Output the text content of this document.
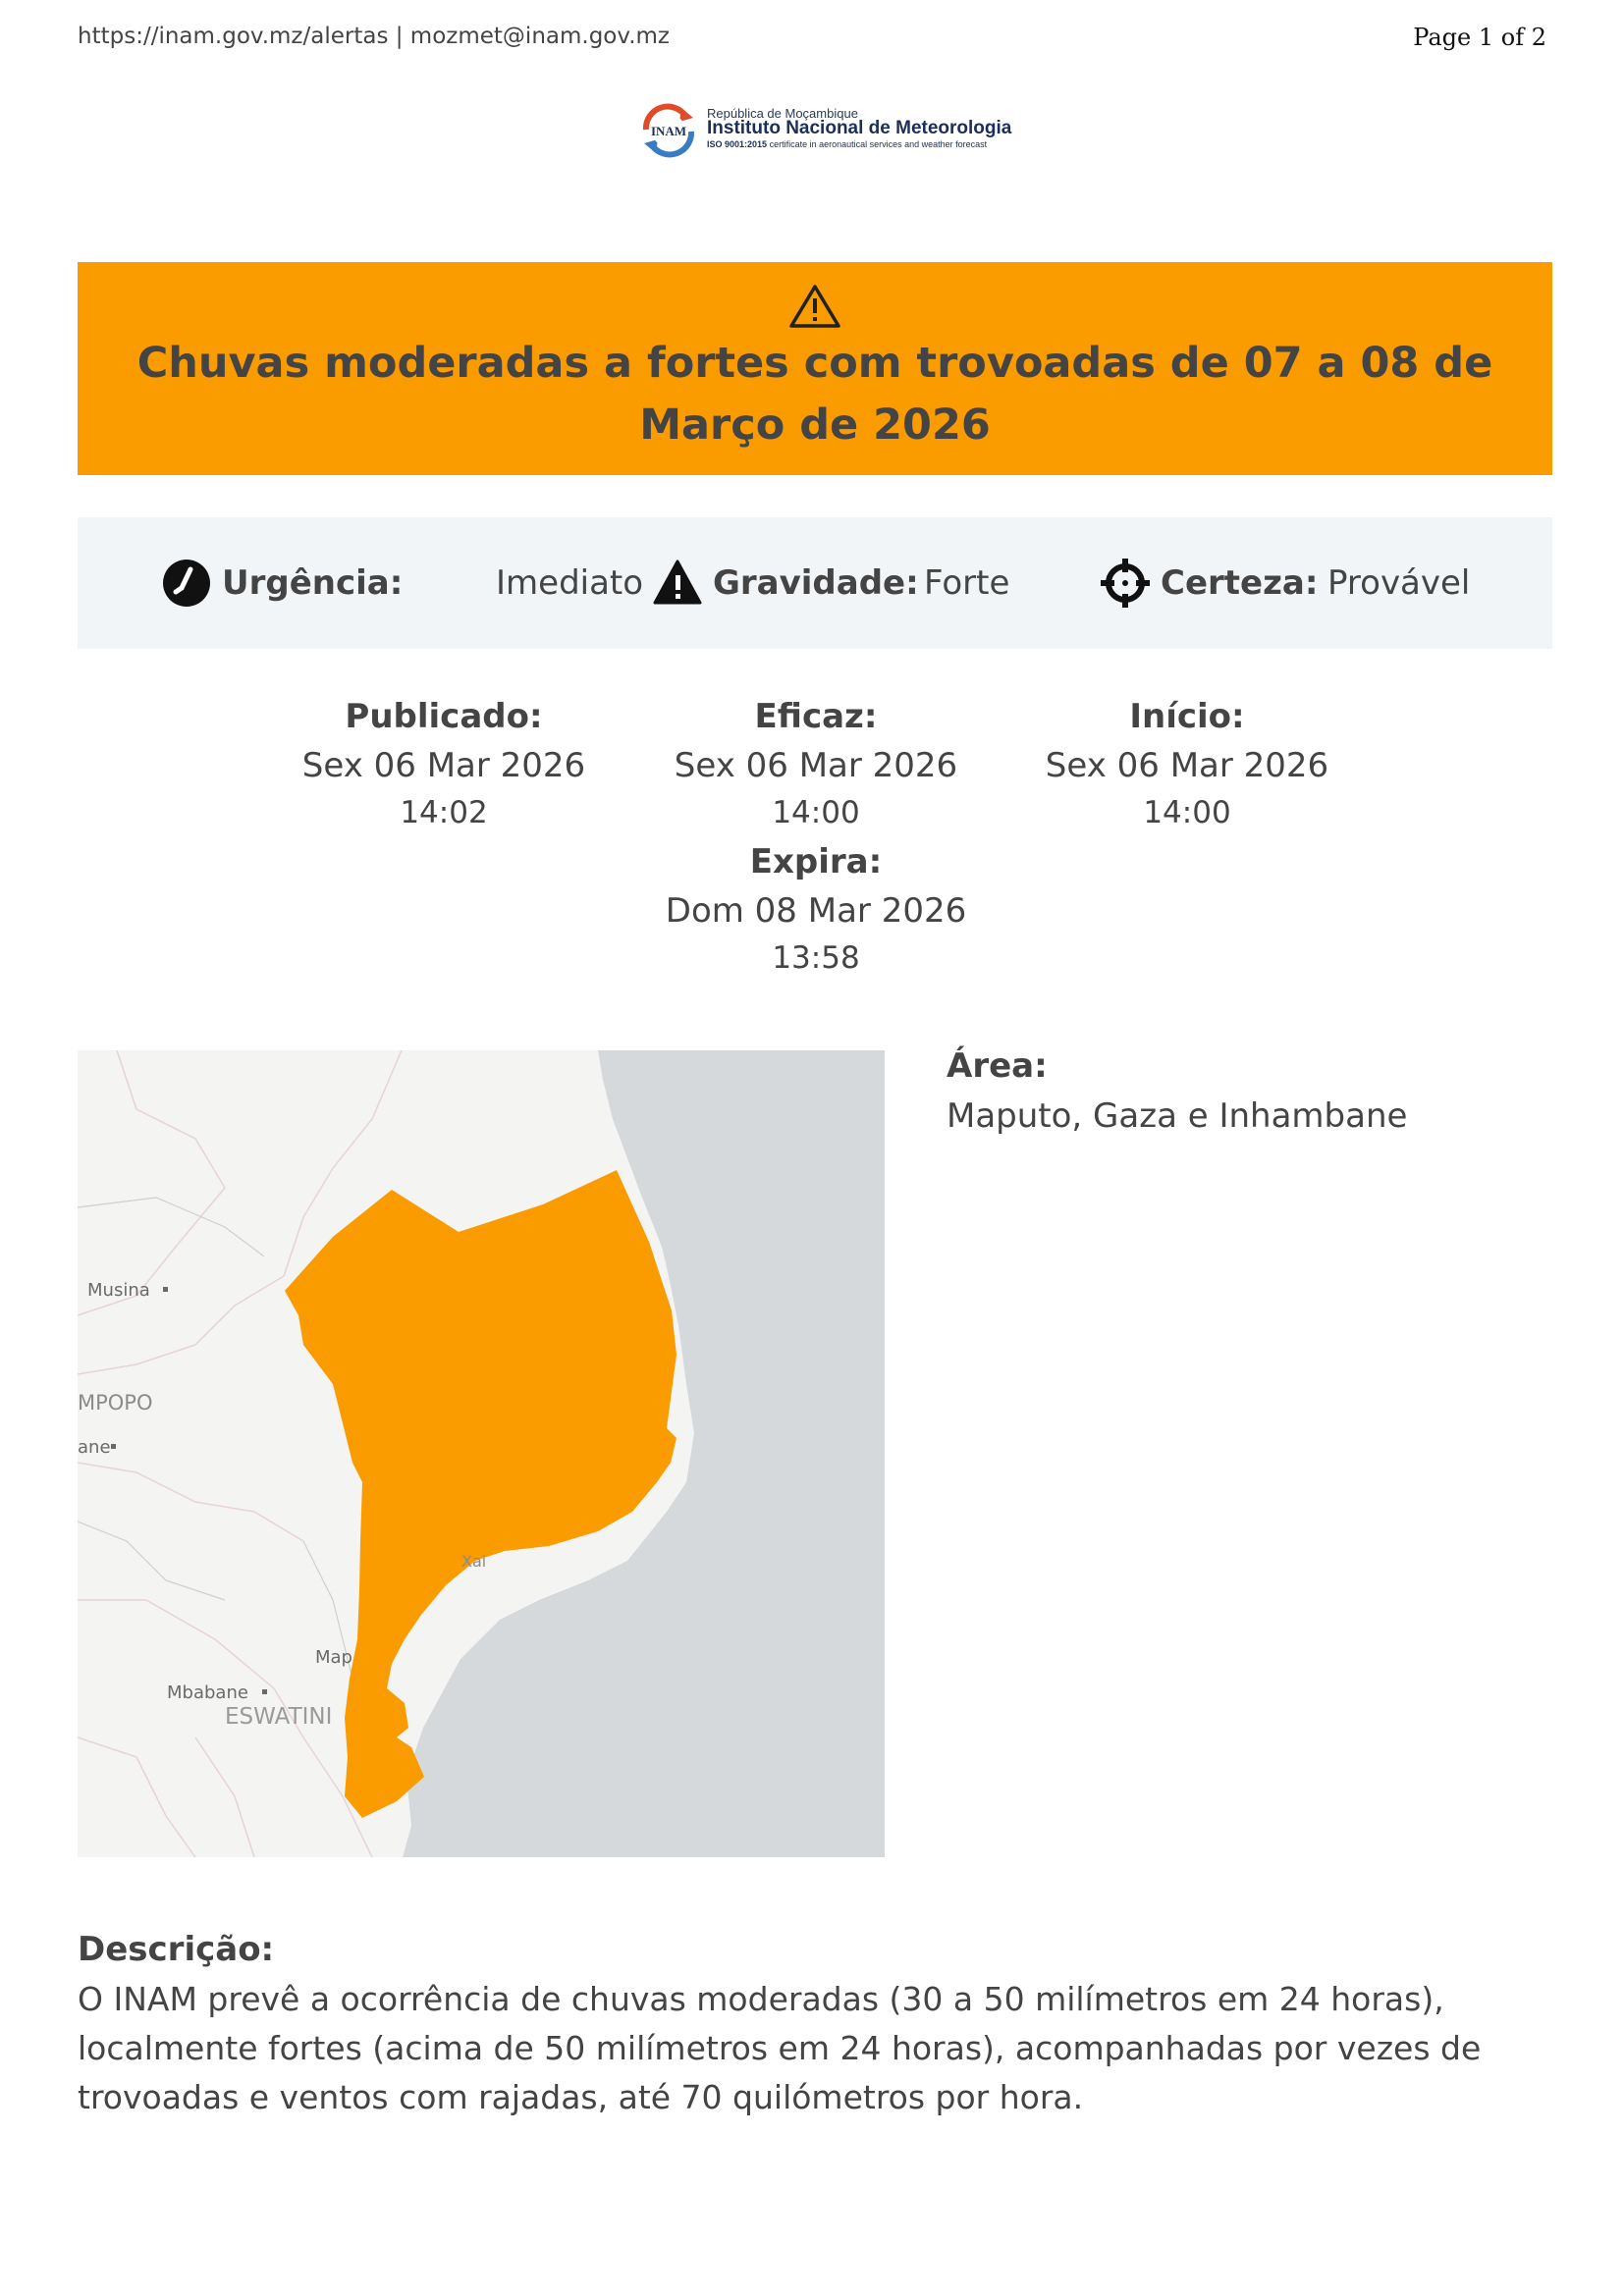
https://inam.gov.mz/alertas | mozmet@inam.gov.mz	Page 1 of 2
INAM
República de Moçambique
Instituto Nacional de Meteorologia
ISO 9001:2015 certificate in aeronautical services and weather forecast
Chuvas moderadas a fortes com trovoadas de 07 a 08 de Março de 2026
Urgência:	Imediato Gravidade: Forte	Certeza: Provável
Publicado:
Sex 06 Mar 2026
14:02
Eficaz:
Sex 06 Mar 2026
14:00
Início:
Sex 06 Mar 2026
14:00
Expira:
Dom 08 Mar 2026
13:58
Musina
MPOPO
ane
Xai
Map
Mbabane
ESWATINI
Área:
Maputo, Gaza e Inhambane
Descrição:
O INAM prevê a ocorrência de chuvas moderadas (30 a 50 milímetros em 24 horas), localmente fortes (acima de 50 milímetros em 24 horas), acompanhadas por vezes de trovoadas e ventos com rajadas, até 70 quilómetros por hora.
